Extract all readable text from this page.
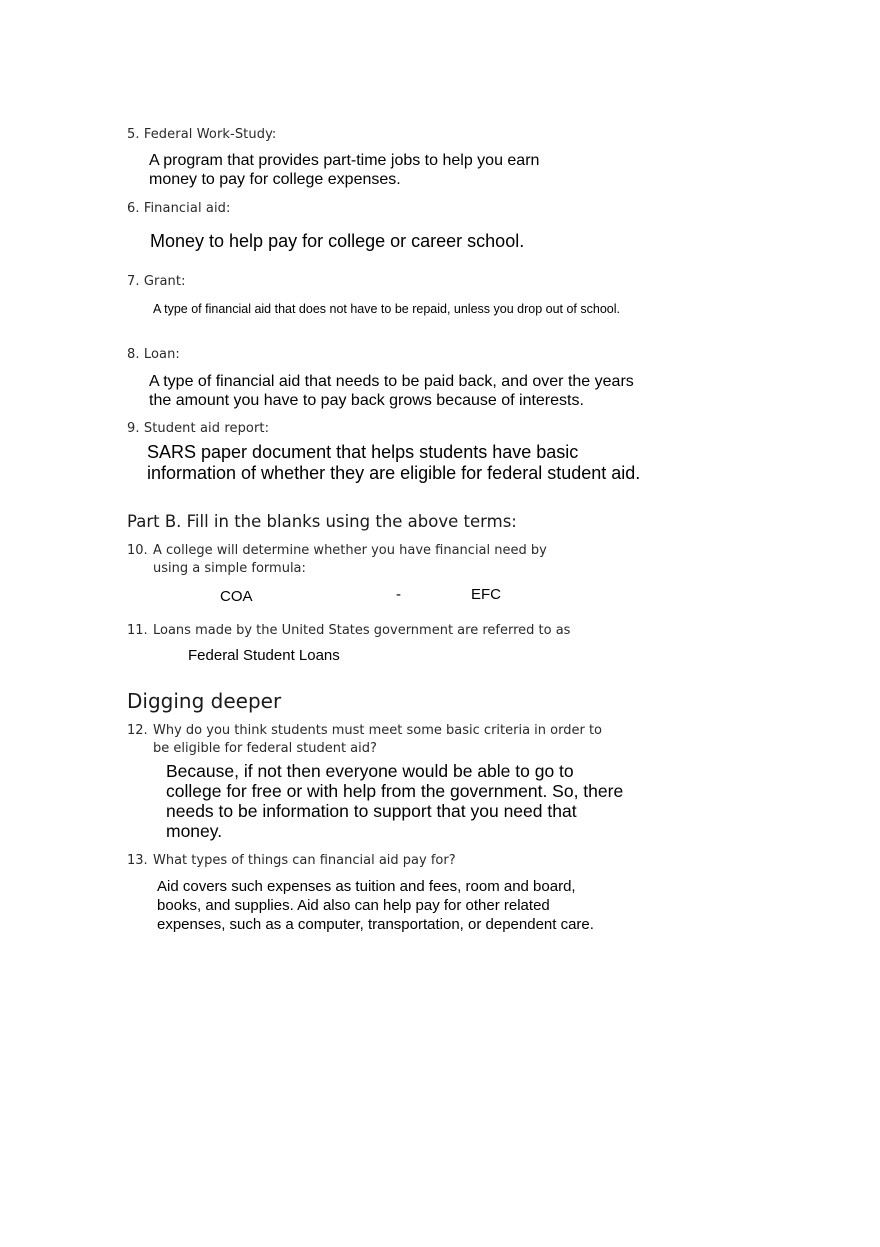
5. Federal Work-Study:
A program that provides part-time jobs to help you earn money to pay for college expenses.
6. Financial aid:
Money to help pay for college or career school.
7. Grant:
A type of financial aid that does not have to be repaid, unless you drop out of school.
8. Loan:
A type of financial aid that needs to be paid back, and over the years the amount you have to pay back grows because of interests.
9. Student aid report:
SARS paper document that helps students have basic information of whether they are eligible for federal student aid.
Part B. Fill in the blanks using the above terms:
10. A college will determine whether you have financial need by using a simple formula:
COA	-	EFC
11. Loans made by the United States government are referred to as
Federal Student Loans
Digging deeper
12. Why do you think students must meet some basic criteria in order to be eligible for federal student aid?
Because, if not then everyone would be able to go to college for free or with help from the government. So, there needs to be information to support that you need that money.
13. What types of things can financial aid pay for?
Aid covers such expenses as tuition and fees, room and board, books, and supplies. Aid also can help pay for other related expenses, such as a computer, transportation, or dependent care.
